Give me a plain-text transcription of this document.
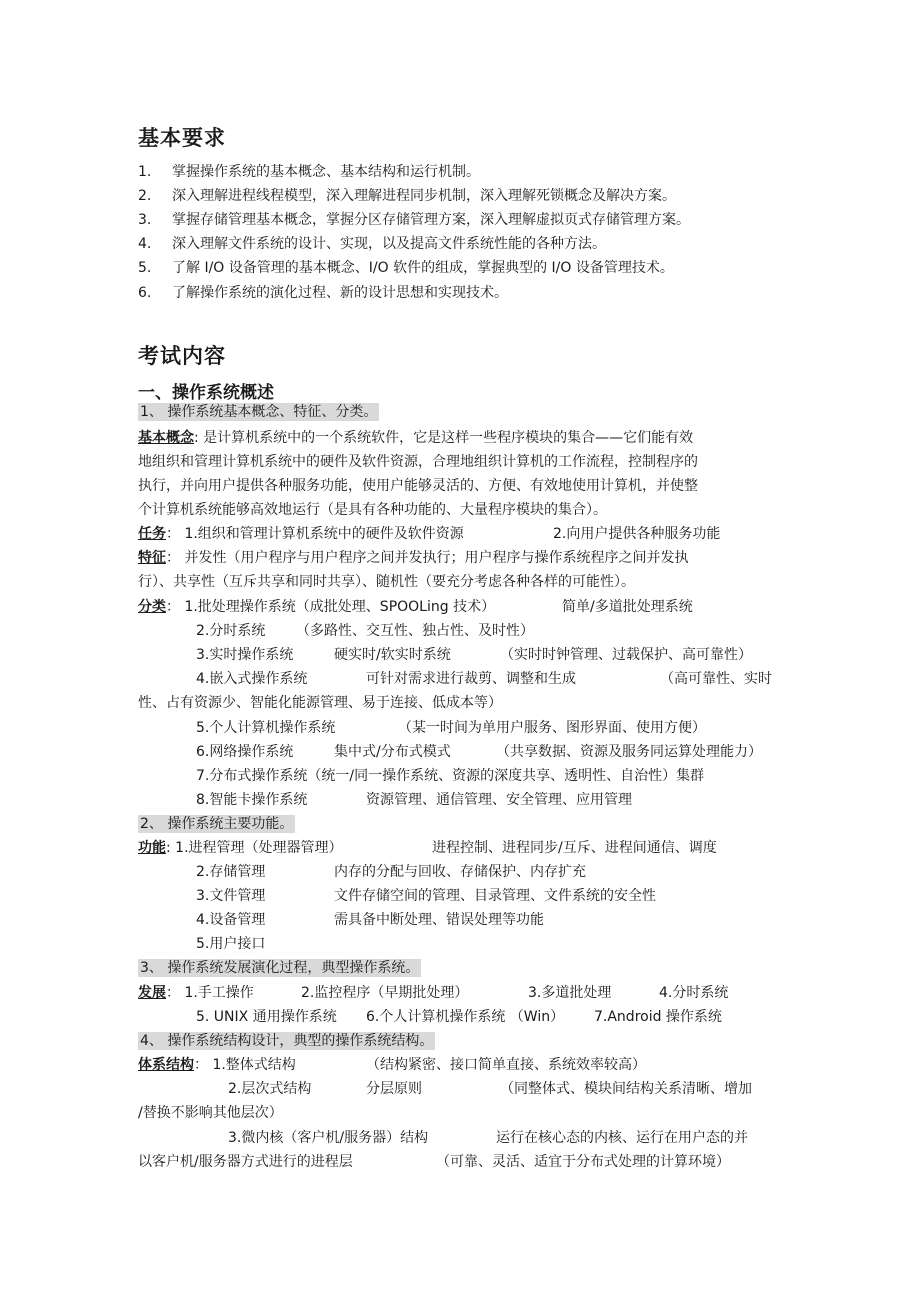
基本要求
1. 掌握操作系统的基本概念、基本结构和运行机制。
2. 深入理解进程线程模型，深入理解进程同步机制，深入理解死锁概念及解决方案。
3. 掌握存储管理基本概念，掌握分区存储管理方案，深入理解虚拟页式存储管理方案。
4. 深入理解文件系统的设计、实现，以及提高文件系统性能的各种方法。
5. 了解 I/O 设备管理的基本概念、I/O 软件的组成，掌握典型的 I/O 设备管理技术。
6. 了解操作系统的演化过程、新的设计思想和实现技术。
考试内容
一、操作系统概述
1、 操作系统基本概念、特征、分类。
基本概念: 是计算机系统中的一个系统软件，它是这样一些程序模块的集合——它们能有效
地组织和管理计算机系统中的硬件及软件资源，合理地组织计算机的工作流程，控制程序的
执行，并向用户提供各种服务功能，使用户能够灵活的、方便、有效地使用计算机，并使整
个计算机系统能够高效地运行（是具有各种功能的、大量程序模块的集合）。
任务： 1.组织和管理计算机系统中的硬件及软件资源	2.向用户提供各种服务功能
特征： 并发性（用户程序与用户程序之间并发执行；用户程序与操作系统程序之间并发执
行）、共享性（互斥共享和同时共享）、随机性（要充分考虑各种各样的可能性）。
分类： 1.批处理操作系统（成批处理、SPOOLing 技术）	简单/多道批处理系统
2.分时系统 （多路性、交互性、独占性、及时性）
3.实时操作系统	硬实时/软实时系统	（实时时钟管理、过载保护、高可靠性）
4.嵌入式操作系统	可针对需求进行裁剪、调整和生成	（高可靠性、实时
性、占有资源少、智能化能源管理、易于连接、低成本等）
5.个人计算机操作系统	（某一时间为单用户服务、图形界面、使用方便）
6.网络操作系统	集中式/分布式模式	（共享数据、资源及服务同运算处理能力）
7.分布式操作系统（统一/同一操作系统、资源的深度共享、透明性、自治性）集群
8.智能卡操作系统	资源管理、通信管理、安全管理、应用管理
2、 操作系统主要功能。
功能: 1.进程管理（处理器管理）	进程控制、进程同步/互斥、进程间通信、调度
2.存储管理	内存的分配与回收、存储保护、内存扩充
3.文件管理	文件存储空间的管理、目录管理、文件系统的安全性
4.设备管理	需具备中断处理、错误处理等功能
5.用户接口
3、 操作系统发展演化过程，典型操作系统。
发展： 1.手工操作	2.监控程序（早期批处理）	3.多道批处理	4.分时系统
5. UNIX 通用操作系统 6.个人计算机操作系统 （Win） 7.Android 操作系统
4、 操作系统结构设计，典型的操作系统结构。
体系结构： 1.整体式结构	（结构紧密、接口简单直接、系统效率较高）
2.层次式结构	分层原则	（同整体式、模块间结构关系清晰、增加
/替换不影响其他层次）
3.微内核（客户机/服务器）结构	运行在核心态的内核、运行在用户态的并
以客户机/服务器方式进行的进程层	（可靠、灵活、适宜于分布式处理的计算环境）
